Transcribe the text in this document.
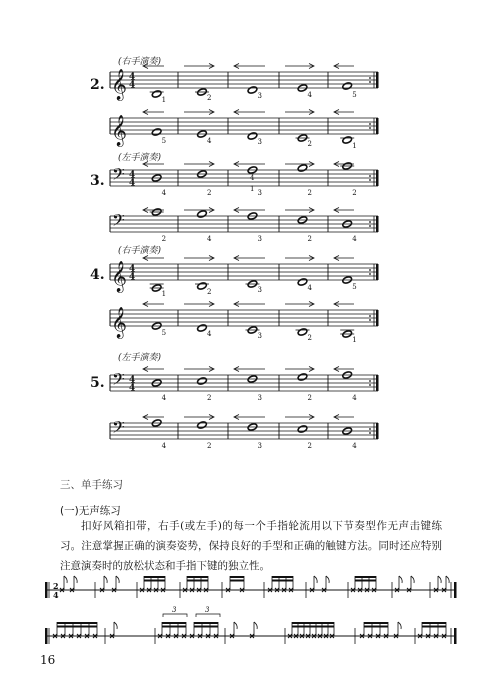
𝄞 4
4
1	2	3	4	5
𝄞	5	4	3	2	1
𝄢 4
4
4	2	3	2	2
1
4
𝄢
2	4	3	2	4
𝄞 4
4
1	2	3	4	5
𝄞	5	4	3	2	1
𝄢 4
4
4	2	3	2	4
𝄢
4	2	3	2	4
2
4
3	3
(右手演奏)
(左手演奏)
(右手演奏)
(左手演奏)
2.
3.
4.
5.
三、单手练习
(一)无声练习
扣好风箱扣带，右手(或左手)的每一个手指轮流用以下节奏型作无声击键练习。注意掌握正确的演奏姿势，保持良好的手型和正确的触键方法。同时还应特别注意演奏时的放松状态和手指下键的独立性。
16
